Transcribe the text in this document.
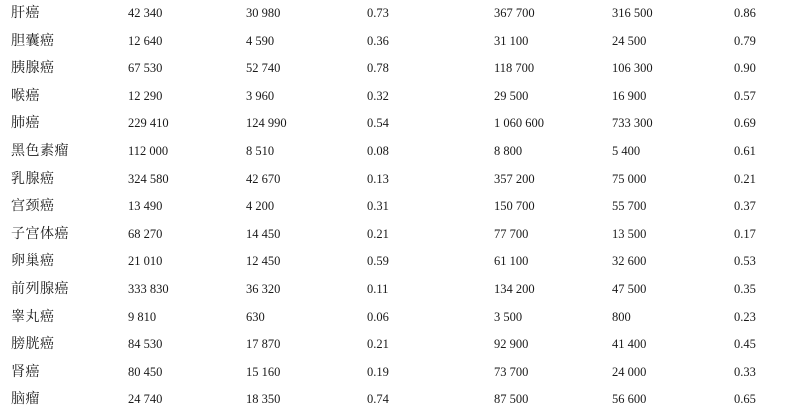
肝癌	42 340	30 980	0.73	367 700	316 500	0.86
胆囊癌	12 640	4 590	0.36	31 100	24 500	0.79
胰腺癌	67 530	52 740	0.78	118 700	106 300	0.90
喉癌	12 290	3 960	0.32	29 500	16 900	0.57
肺癌	229 410	124 990	0.54	1 060 600	733 300	0.69
黑色素瘤	112 000	8 510	0.08	8 800	5 400	0.61
乳腺癌	324 580	42 670	0.13	357 200	75 000	0.21
宫颈癌	13 490	4 200	0.31	150 700	55 700	0.37
子宫体癌	68 270	14 450	0.21	77 700	13 500	0.17
卵巢癌	21 010	12 450	0.59	61 100	32 600	0.53
前列腺癌	333 830	36 320	0.11	134 200	47 500	0.35
睾丸癌	9 810	630	0.06	3 500	800	0.23
膀胱癌	84 530	17 870	0.21	92 900	41 400	0.45
肾癌	80 450	15 160	0.19	73 700	24 000	0.33
脑瘤	24 740	18 350	0.74	87 500	56 600	0.65
